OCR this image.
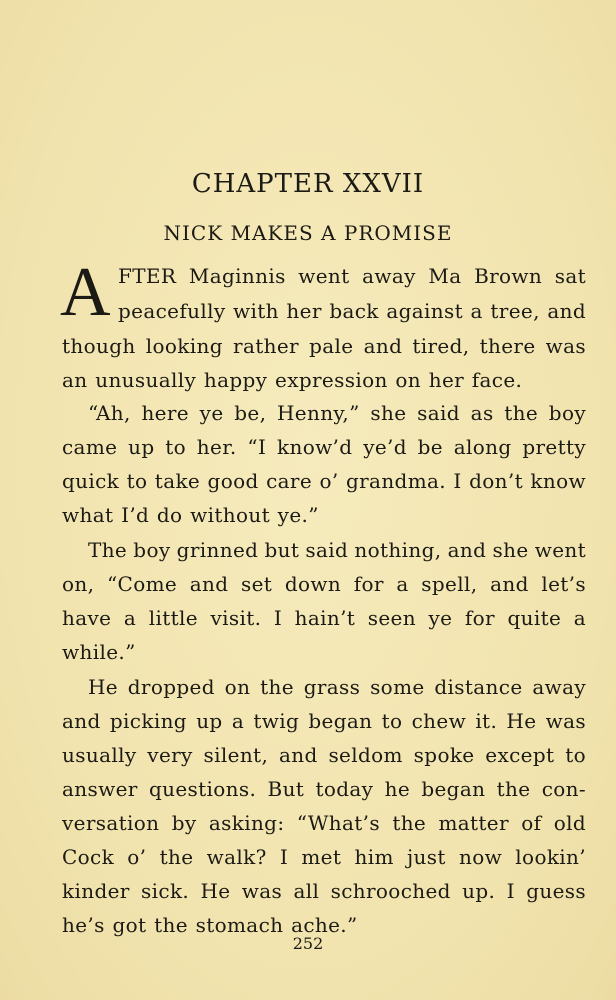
CHAPTER XXVII
NICK MAKES A PROMISE
A FTER Maginnis went away Ma Brown sat
peacefully with her back against a tree, and
though looking rather pale and tired, there was
an unusually happy expression on her face.
“Ah, here ye be, Henny,” she said as the boy
came up to her. “I know’d ye’d be along pretty
quick to take good care o’ grandma. I don’t know
what I’d do without ye.”
The boy grinned but said nothing, and she went
on, “Come and set down for a spell, and let’s
have a little visit. I hain’t seen ye for quite a
while.”
He dropped on the grass some distance away
and picking up a twig began to chew it. He was
usually very silent, and seldom spoke except to
answer questions. But today he began the con-
versation by asking: “What’s the matter of old
Cock o’ the walk? I met him just now lookin’
kinder sick. He was all schrooched up. I guess
he’s got the stomach ache.”
252
